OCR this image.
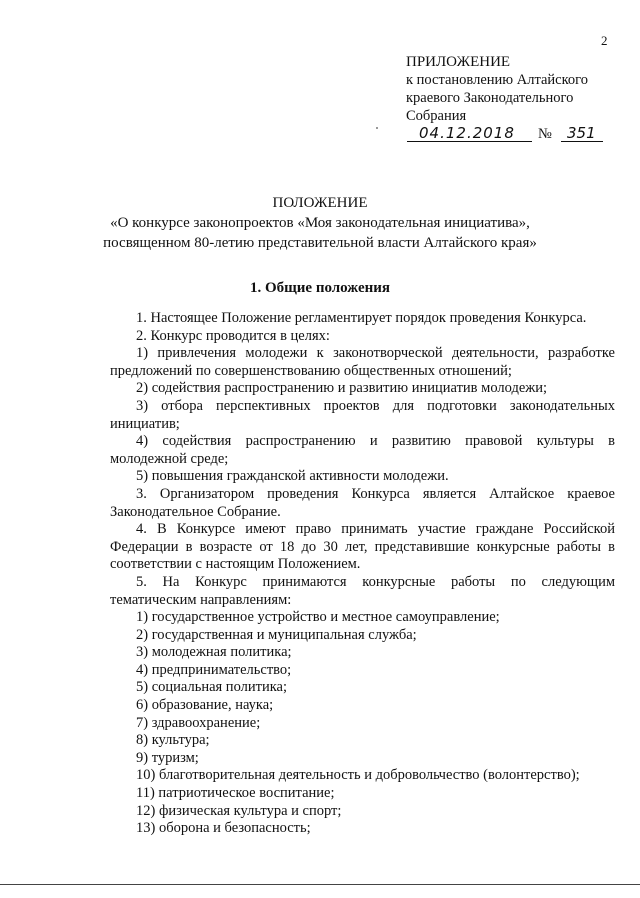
2
ПРИЛОЖЕНИЕ
к постановлению Алтайского
краевого Законодательного
Собрания
04.12.2018	№	351
ПОЛОЖЕНИЕ
«О конкурсе законопроектов «Моя законодательная инициатива»,
посвященном 80-летию представительной власти Алтайского края»
1. Общие положения

1. Настоящее Положение регламентирует порядок проведения Конкурса.

2. Конкурс проводится в целях:

1) привлечения молодежи к законотворческой деятельности, разработке предложений по совершенствованию общественных отношений;

2) содействия распространению и развитию инициатив молодежи;

3) отбора перспективных проектов для подготовки законодательных инициатив;

4) содействия распространению и развитию правовой культуры в молодежной среде;

5) повышения гражданской активности молодежи.

3. Организатором проведения Конкурса является Алтайское краевое Законодательное Собрание.

4. В Конкурсе имеют право принимать участие граждане Российской Федерации в возрасте от 18 до 30 лет, представившие конкурсные работы в соответствии с настоящим Положением.

5. На Конкурс принимаются конкурсные работы по следующим тематическим направлениям:

1) государственное устройство и местное самоуправление;

2) государственная и муниципальная служба;

3) молодежная политика;

4) предпринимательство;

5) социальная политика;

6) образование, наука;

7) здравоохранение;

8) культура;

9) туризм;

10) благотворительная деятельность и добровольчество (волонтерство);

11) патриотическое воспитание;

12) физическая культура и спорт;

13) оборона и безопасность;
